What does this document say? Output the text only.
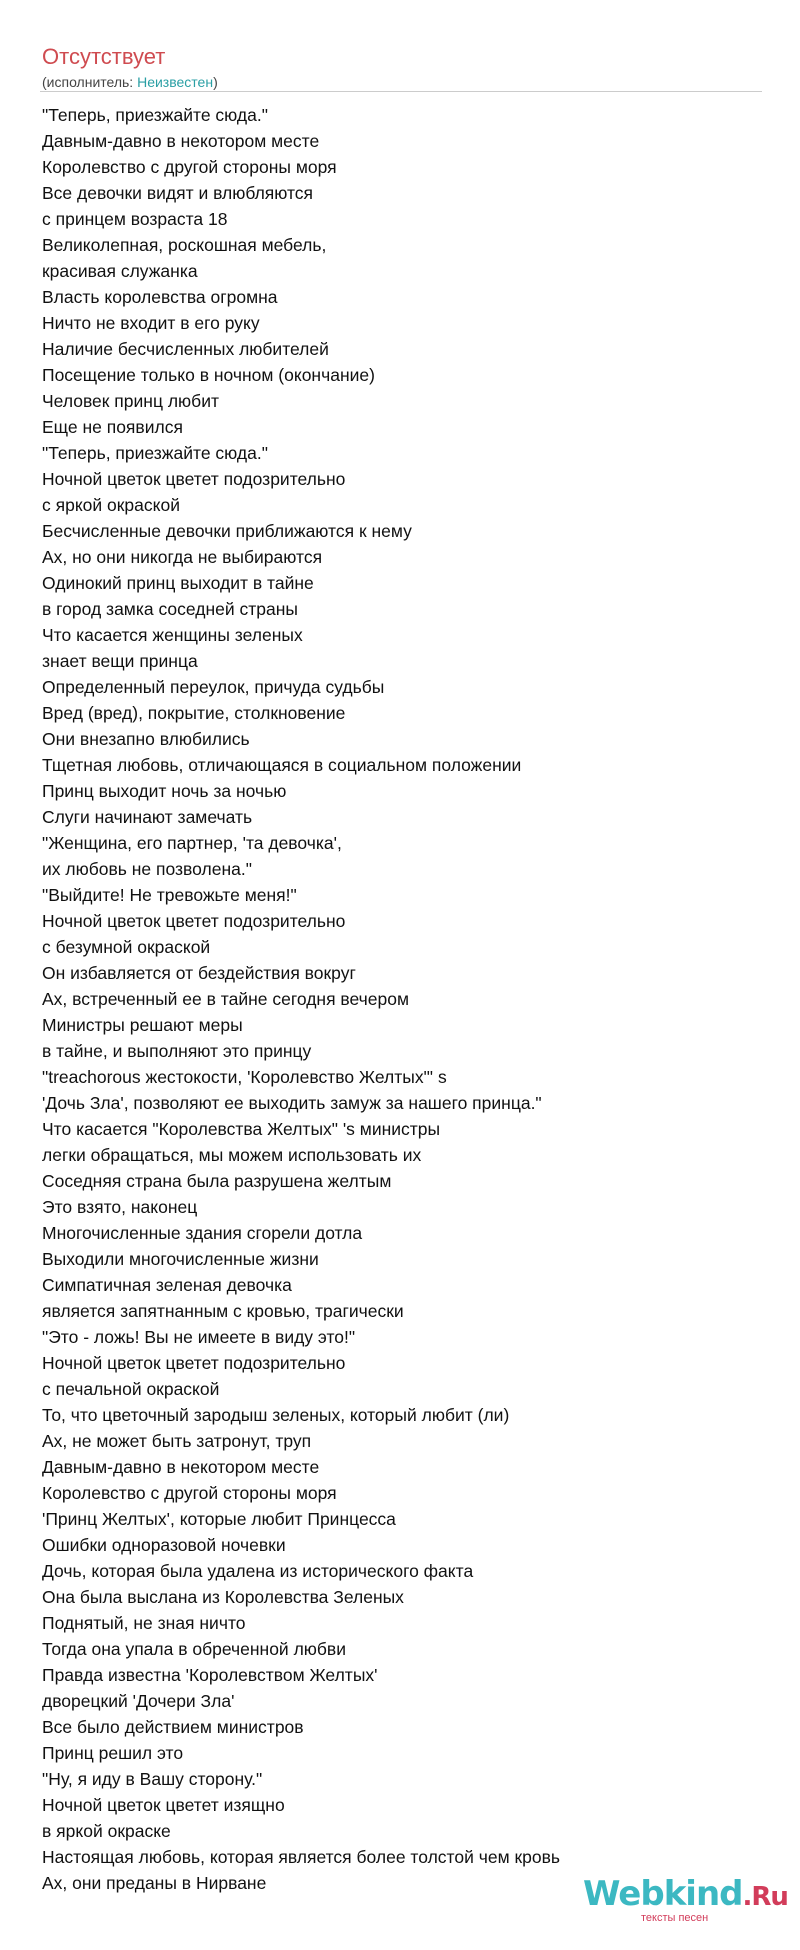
Отсутствует
(исполнитель: Неизвестен)
"Теперь, приезжайте сюда."
Давным-давно в некотором месте
Королевство с другой стороны моря
Все девочки видят и влюбляются
с принцем возраста 18
Великолепная, роскошная мебель,
красивая служанка
Власть королевства огромна
Ничто не входит в его руку
Наличие бесчисленных любителей
Посещение только в ночном (окончание)
Человек принц любит
Еще не появился
"Теперь, приезжайте сюда."
Ночной цветок цветет подозрительно
с яркой окраской
Бесчисленные девочки приближаются к нему
Ах, но они никогда не выбираются
Одинокий принц выходит в тайне
в город замка соседней страны
Что касается женщины зеленых
знает вещи принца
Определенный переулок, причуда судьбы
Вред (вред), покрытие, столкновение
Они внезапно влюбились
Тщетная любовь, отличающаяся в социальном положении
Принц выходит ночь за ночью
Слуги начинают замечать
"Женщина, его партнер, 'та девочка',
их любовь не позволена."
"Выйдите! Не тревожьте меня!"
Ночной цветок цветет подозрительно
с безумной окраской
Он избавляется от бездействия вокруг
Ах, встреченный ее в тайне сегодня вечером
Министры решают меры
в тайне, и выполняют это принцу
"treachorous жестокости, 'Королевство Желтых"' s
'Дочь Зла', позволяют ее выходить замуж за нашего принца."
Что касается "Королевства Желтых" 's министры
легки обращаться, мы можем использовать их
Соседняя страна была разрушена желтым
Это взято, наконец
Многочисленные здания сгорели дотла
Выходили многочисленные жизни
Симпатичная зеленая девочка
является запятнанным с кровью, трагически
"Это - ложь! Вы не имеете в виду это!"
Ночной цветок цветет подозрительно
с печальной окраской
То, что цветочный зародыш зеленых, который любит (ли)
Ах, не может быть затронут, труп
Давным-давно в некотором месте
Королевство с другой стороны моря
'Принц Желтых', которые любит Принцесса
Ошибки одноразовой ночевки
Дочь, которая была удалена из исторического факта
Она была выслана из Королевства Зеленых
Поднятый, не зная ничто
Тогда она упала в обреченной любви
Правда известна 'Королевством Желтых'
дворецкий 'Дочери Зла'
Все было действием министров
Принц решил это
"Ну, я иду в Вашу сторону."
Ночной цветок цветет изящно
в яркой окраске
Настоящая любовь, которая является более толстой чем кровь
Ах, они преданы в Нирване	Webkind.Ru
тексты песен
